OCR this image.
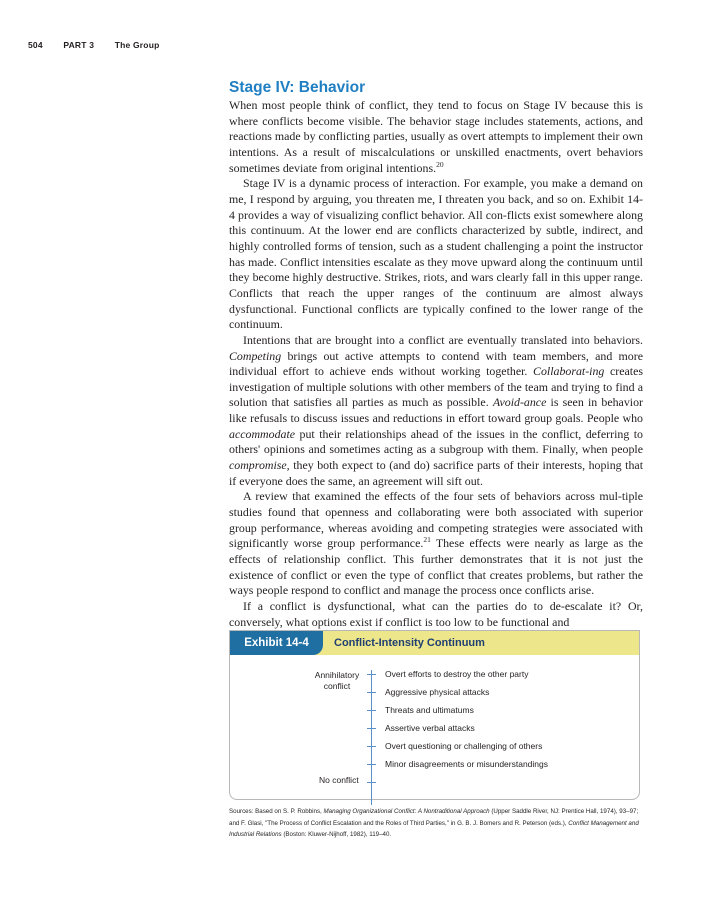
504 PART 3 The Group
Stage IV: Behavior

When most people think of conflict, they tend to focus on Stage IV because this is where conflicts become visible. The behavior stage includes statements, actions, and reactions made by conflicting parties, usually as overt attempts to implement their own intentions. As a result of miscalculations or unskilled enactments, overt behaviors sometimes deviate from original intentions.$^{20}$

Stage IV is a dynamic process of interaction. For example, you make a demand on me, I respond by arguing, you threaten me, I threaten you back, and so on. Exhibit 14-4 provides a way of visualizing conflict behavior. All con-flicts exist somewhere along this continuum. At the lower end are conflicts characterized by subtle, indirect, and highly controlled forms of tension, such as a student challenging a point the instructor has made. Conflict intensities escalate as they move upward along the continuum until they become highly destructive. Strikes, riots, and wars clearly fall in this upper range. Conflicts that reach the upper ranges of the continuum are almost always dysfunctional. Functional conflicts are typically confined to the lower range of the continuum.

Intentions that are brought into a conflict are eventually translated into behaviors. Competing brings out active attempts to contend with team members, and more individual effort to achieve ends without working together. Collaborat-ing creates investigation of multiple solutions with other members of the team and trying to find a solution that satisfies all parties as much as possible. Avoid-ance is seen in behavior like refusals to discuss issues and reductions in effort toward group goals. People who accommodate put their relationships ahead of the issues in the conflict, deferring to others' opinions and sometimes acting as a subgroup with them. Finally, when people compromise, they both expect to (and do) sacrifice parts of their interests, hoping that if everyone does the same, an agreement will sift out.

A review that examined the effects of the four sets of behaviors across mul-tiple studies found that openness and collaborating were both associated with superior group performance, whereas avoiding and competing strategies were associated with significantly worse group performance.$^{21}$ These effects were nearly as large as the effects of relationship conflict. This further demonstrates that it is not just the existence of conflict or even the type of conflict that creates problems, but rather the ways people respond to conflict and manage the process once conflicts arise.

If a conflict is dysfunctional, what can the parties do to de-escalate it? Or, conversely, what options exist if conflict is too low to be functional and

Exhibit 14-4	Conflict-Intensity Continuum
Annihilatory
conflict
No conflict
Overt efforts to destroy the other party
Aggressive physical attacks
Threats and ultimatums
Assertive verbal attacks
Overt questioning or challenging of others
Minor disagreements or misunderstandings
Sources: Based on S. P. Robbins, Managing Organizational Conflict: A Nontraditional Approach (Upper Saddle River, NJ: Prentice Hall, 1974), 93–97; and F. Glasi, "The Process of Conflict Escalation and the Roles of Third Parties," in G. B. J. Bomers and R. Peterson (eds.), Conflict Management and Industrial Relations (Boston: Kluwer-Nijhoff, 1982), 119–40.
